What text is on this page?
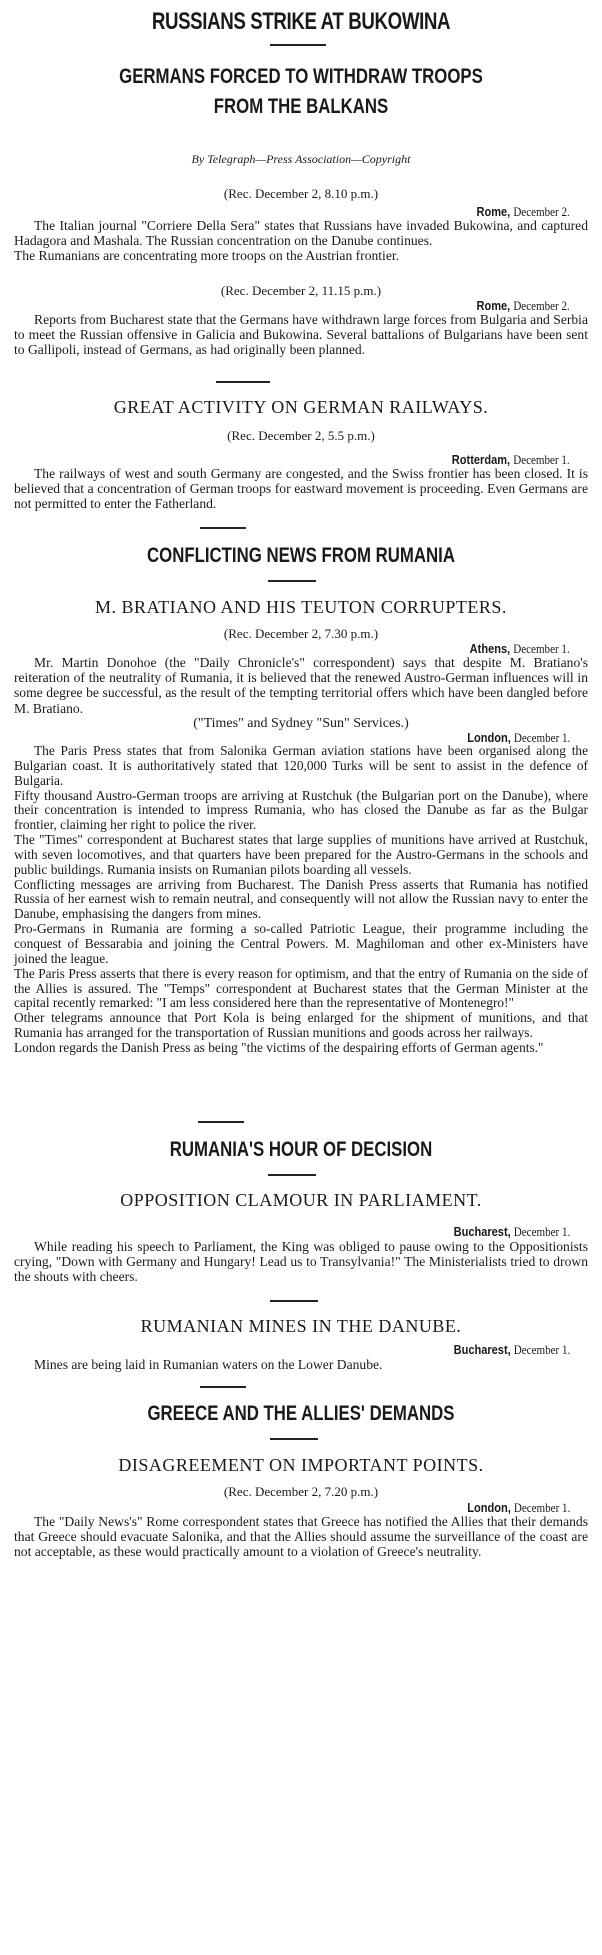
RUSSIANS STRIKE AT BUKOWINA
GERMANS FORCED TO WITHDRAW TROOPS
FROM THE BALKANS
By Telegraph—Press Association—Copyright
(Rec. December 2, 8.10 p.m.)
Rome, December 2.
The Italian journal "Corriere Della Sera" states that Russians have invaded Bukowina, and captured Hadagora and Mashala. The Russian concentration on the Danube continues.
The Rumanians are concentrating more troops on the Austrian frontier.
(Rec. December 2, 11.15 p.m.)
Rome, December 2.
Reports from Bucharest state that the Germans have withdrawn large forces from Bulgaria and Serbia to meet the Russian offensive in Galicia and Bukowina. Several battalions of Bulgarians have been sent to Gallipoli, instead of Germans, as had originally been planned.
GREAT ACTIVITY ON GERMAN RAILWAYS.
(Rec. December 2, 5.5 p.m.)
Rotterdam, December 1.
The railways of west and south Germany are congested, and the Swiss frontier has been closed. It is believed that a concentration of German troops for eastward movement is proceeding. Even Germans are not permitted to enter the Fatherland.
CONFLICTING NEWS FROM RUMANIA
M. BRATIANO AND HIS TEUTON CORRUPTERS.
(Rec. December 2, 7.30 p.m.)
Athens, December 1.
Mr. Martin Donohoe (the "Daily Chronicle's" correspondent) says that despite M. Bratiano's reiteration of the neutrality of Rumania, it is believed that the renewed Austro-German influences will in some degree be successful, as the result of the tempting territorial offers which have been dangled before M. Bratiano.
("Times" and Sydney "Sun" Services.)
London, December 1.
The Paris Press states that from Salonika German aviation stations have been organised along the Bulgarian coast. It is authoritatively stated that 120,000 Turks will be sent to assist in the defence of Bulgaria.
Fifty thousand Austro-German troops are arriving at Rustchuk (the Bulgarian port on the Danube), where their concentration is intended to impress Rumania, who has closed the Danube as far as the Bulgar frontier, claiming her right to police the river.
The "Times" correspondent at Bucharest states that large supplies of munitions have arrived at Rustchuk, with seven locomotives, and that quarters have been prepared for the Austro-Germans in the schools and public buildings. Rumania insists on Rumanian pilots boarding all vessels.
Conflicting messages are arriving from Bucharest. The Danish Press asserts that Rumania has notified Russia of her earnest wish to remain neutral, and consequently will not allow the Russian navy to enter the Danube, emphasising the dangers from mines.
Pro-Germans in Rumania are forming a so-called Patriotic League, their programme including the conquest of Bessarabia and joining the Central Powers. M. Maghiloman and other ex-Ministers have joined the league.
The Paris Press asserts that there is every reason for optimism, and that the entry of Rumania on the side of the Allies is assured. The "Temps" correspondent at Bucharest states that the German Minister at the capital recently remarked: "I am less considered here than the representative of Montenegro!"
Other telegrams announce that Port Kola is being enlarged for the shipment of munitions, and that Rumania has arranged for the transportation of Russian munitions and goods across her railways.
London regards the Danish Press as being "the victims of the despairing efforts of German agents."
RUMANIA'S HOUR OF DECISION
OPPOSITION CLAMOUR IN PARLIAMENT.
Bucharest, December 1.
While reading his speech to Parliament, the King was obliged to pause owing to the Oppositionists crying, "Down with Germany and Hungary! Lead us to Transylvania!" The Ministerialists tried to drown the shouts with cheers.
RUMANIAN MINES IN THE DANUBE.
Bucharest, December 1.
Mines are being laid in Rumanian waters on the Lower Danube.
GREECE AND THE ALLIES' DEMANDS
DISAGREEMENT ON IMPORTANT POINTS.
(Rec. December 2, 7.20 p.m.)
London, December 1.
The "Daily News's" Rome correspondent states that Greece has notified the Allies that their demands that Greece should evacuate Salonika, and that the Allies should assume the surveillance of the coast are not acceptable, as these would practically amount to a violation of Greece's neutrality.
